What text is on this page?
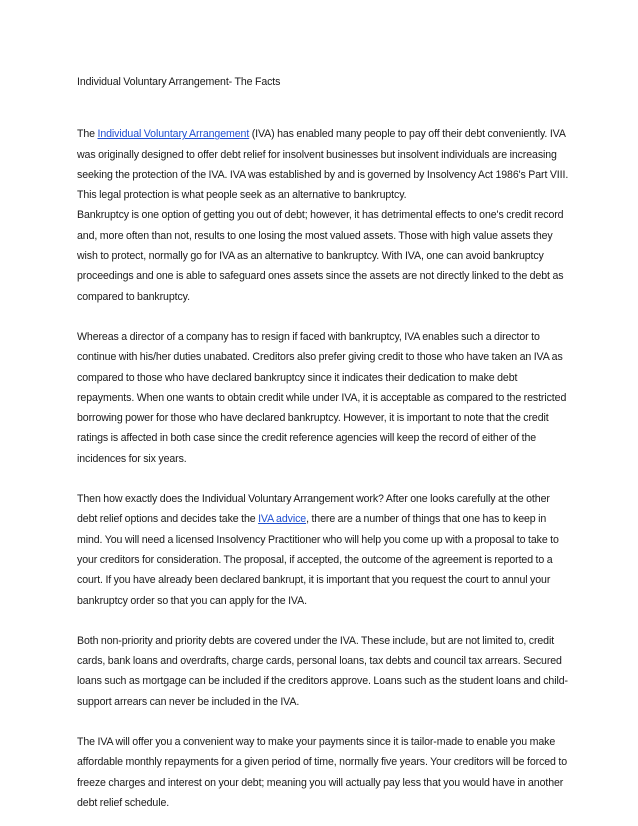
Individual Voluntary Arrangement- The Facts

The Individual Voluntary Arrangement (IVA) has enabled many people to pay off their debt conveniently. IVA was originally designed to offer debt relief for insolvent businesses but insolvent individuals are increasing seeking the protection of the IVA. IVA was established by and is governed by Insolvency Act 1986's Part VIII. This legal protection is what people seek as an alternative to bankruptcy.

Bankruptcy is one option of getting you out of debt; however, it has detrimental effects to one's credit record and, more often than not, results to one losing the most valued assets. Those with high value assets they wish to protect, normally go for IVA as an alternative to bankruptcy. With IVA, one can avoid bankruptcy proceedings and one is able to safeguard ones assets since the assets are not directly linked to the debt as compared to bankruptcy.

Whereas a director of a company has to resign if faced with bankruptcy, IVA enables such a director to continue with his/her duties unabated. Creditors also prefer giving credit to those who have taken an IVA as compared to those who have declared bankruptcy since it indicates their dedication to make debt repayments. When one wants to obtain credit while under IVA, it is acceptable as compared to the restricted borrowing power for those who have declared bankruptcy. However, it is important to note that the credit ratings is affected in both case since the credit reference agencies will keep the record of either of the incidences for six years.

Then how exactly does the Individual Voluntary Arrangement work? After one looks carefully at the other debt relief options and decides take the IVA advice, there are a number of things that one has to keep in mind. You will need a licensed Insolvency Practitioner who will help you come up with a proposal to take to your creditors for consideration. The proposal, if accepted, the outcome of the agreement is reported to a court. If you have already been declared bankrupt, it is important that you request the court to annul your bankruptcy order so that you can apply for the IVA.

Both non-priority and priority debts are covered under the IVA. These include, but are not limited to, credit cards, bank loans and overdrafts, charge cards, personal loans, tax debts and council tax arrears. Secured loans such as mortgage can be included if the creditors approve. Loans such as the student loans and child-support arrears can never be included in the IVA.

The IVA will offer you a convenient way to make your payments since it is tailor-made to enable you make affordable monthly repayments for a given period of time, normally five years. Your creditors will be forced to freeze charges and interest on your debt; meaning you will actually pay less that you would have in another debt relief schedule.
